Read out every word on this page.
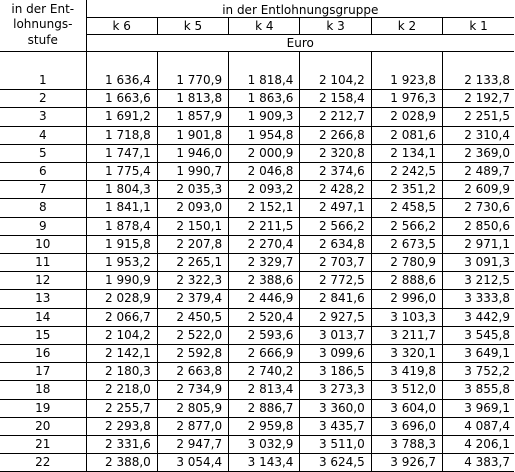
in der Ent-
lohnungs-
stufe	in der Entlohnungsgruppe					
	k 6	k 5	k 4	k 3	k 2	k 1
	Euro					

1	1 636,4	1 770,9	1 818,4	2 104,2	1 923,8	2 133,8
2	1 663,6	1 813,8	1 863,6	2 158,4	1 976,3	2 192,7
3	1 691,2	1 857,9	1 909,3	2 212,7	2 028,9	2 251,5
4	1 718,8	1 901,8	1 954,8	2 266,8	2 081,6	2 310,4
5	1 747,1	1 946,0	2 000,9	2 320,8	2 134,1	2 369,0
6	1 775,4	1 990,7	2 046,8	2 374,6	2 242,5	2 489,7
7	1 804,3	2 035,3	2 093,2	2 428,2	2 351,2	2 609,9
8	1 841,1	2 093,0	2 152,1	2 497,1	2 458,5	2 730,6
9	1 878,4	2 150,1	2 211,5	2 566,2	2 566,2	2 850,6
10	1 915,8	2 207,8	2 270,4	2 634,8	2 673,5	2 971,1
11	1 953,2	2 265,1	2 329,7	2 703,7	2 780,9	3 091,3
12	1 990,9	2 322,3	2 388,6	2 772,5	2 888,6	3 212,5
13	2 028,9	2 379,4	2 446,9	2 841,6	2 996,0	3 333,8
14	2 066,7	2 450,5	2 520,4	2 927,5	3 103,3	3 442,9
15	2 104,2	2 522,0	2 593,6	3 013,7	3 211,7	3 545,8
16	2 142,1	2 592,8	2 666,9	3 099,6	3 320,1	3 649,1
17	2 180,3	2 663,8	2 740,2	3 186,5	3 419,8	3 752,2
18	2 218,0	2 734,9	2 813,4	3 273,3	3 512,0	3 855,8
19	2 255,7	2 805,9	2 886,7	3 360,0	3 604,0	3 969,1
20	2 293,8	2 877,0	2 959,8	3 435,7	3 696,0	4 087,4
21	2 331,6	2 947,7	3 032,9	3 511,0	3 788,3	4 206,1
22	2 388,0	3 054,4	3 143,4	3 624,5	3 926,7	4 383,7
